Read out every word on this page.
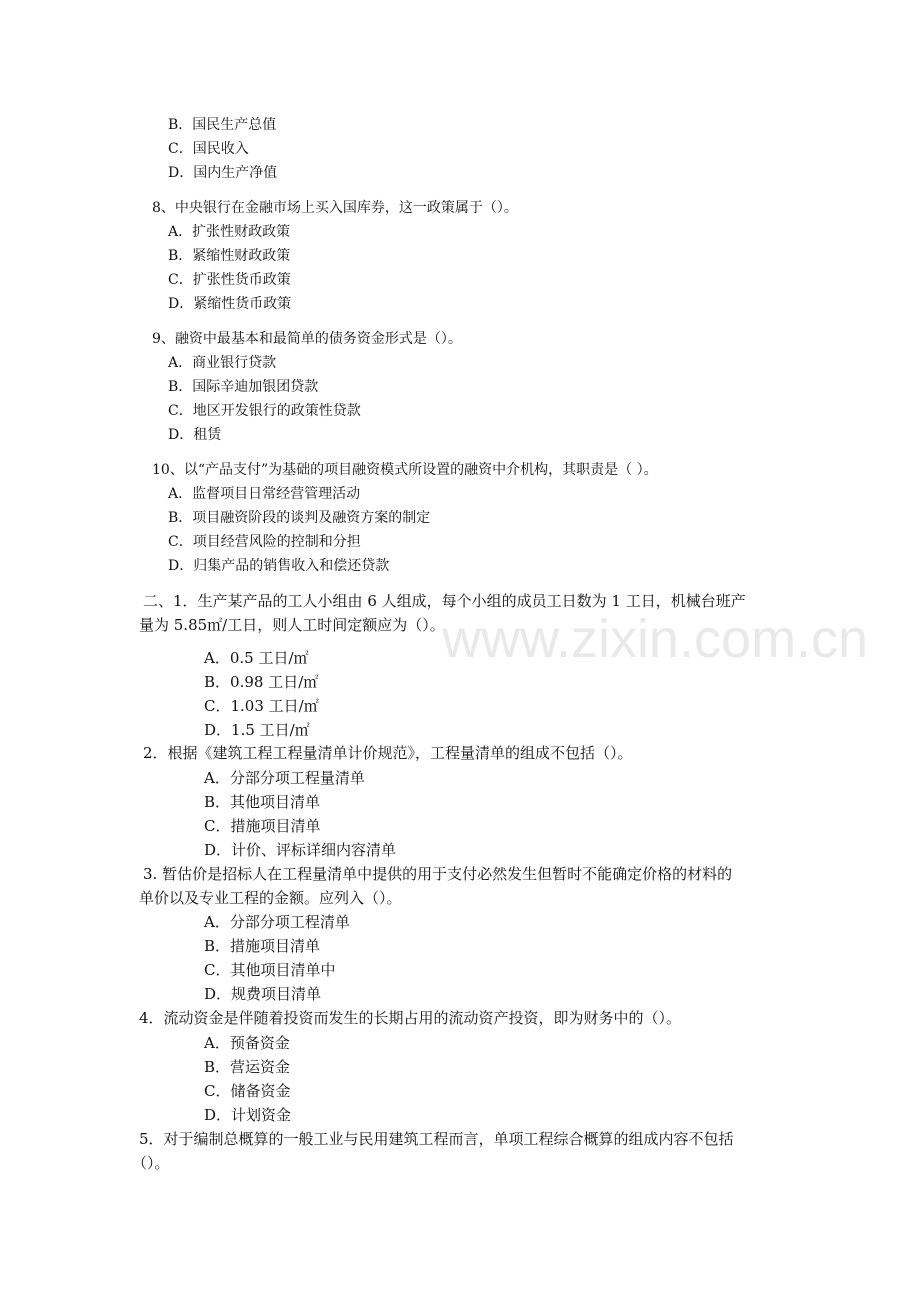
www.zixin.com.cn
B．国民生产总值
C．国民收入
D．国内生产净值
8、中央银行在金融市场上买入国库券，这一政策属于（）。
A．扩张性财政政策
B．紧缩性财政政策
C．扩张性货币政策
D．紧缩性货币政策
9、融资中最基本和最简单的债务资金形式是（）。
A．商业银行贷款
B．国际辛迪加银团贷款
C．地区开发银行的政策性贷款
D．租赁
10、以“产品支付”为基础的项目融资模式所设置的融资中介机构，其职责是（ ）。
A．监督项目日常经营管理活动
B．项目融资阶段的谈判及融资方案的制定
C．项目经营风险的控制和分担
D．归集产品的销售收入和偿还贷款
二、1．生产某产品的工人小组由 6 人组成，每个小组的成员工日数为 1 工日，机械台班产
量为 5.85㎡/工日，则人工时间定额应为（）。
A．0.5 工日/㎡
B．0.98 工日/㎡
C．1.03 工日/㎡
D．1.5 工日/㎡
2．根据《建筑工程工程量清单计价规范》，工程量清单的组成不包括（）。
A．分部分项工程量清单
B．其他项目清单
C．措施项目清单
D．计价、评标详细内容清单
3. 暂估价是招标人在工程量清单中提供的用于支付必然发生但暂时不能确定价格的材料的
单价以及专业工程的金额。应列入（）。
A．分部分项工程清单
B．措施项目清单
C．其他项目清单中
D．规费项目清单
4．流动资金是伴随着投资而发生的长期占用的流动资产投资，即为财务中的（）。
A．预备资金
B．营运资金
C．储备资金
D．计划资金
5．对于编制总概算的一般工业与民用建筑工程而言，单项工程综合概算的组成内容不包括
（）。
